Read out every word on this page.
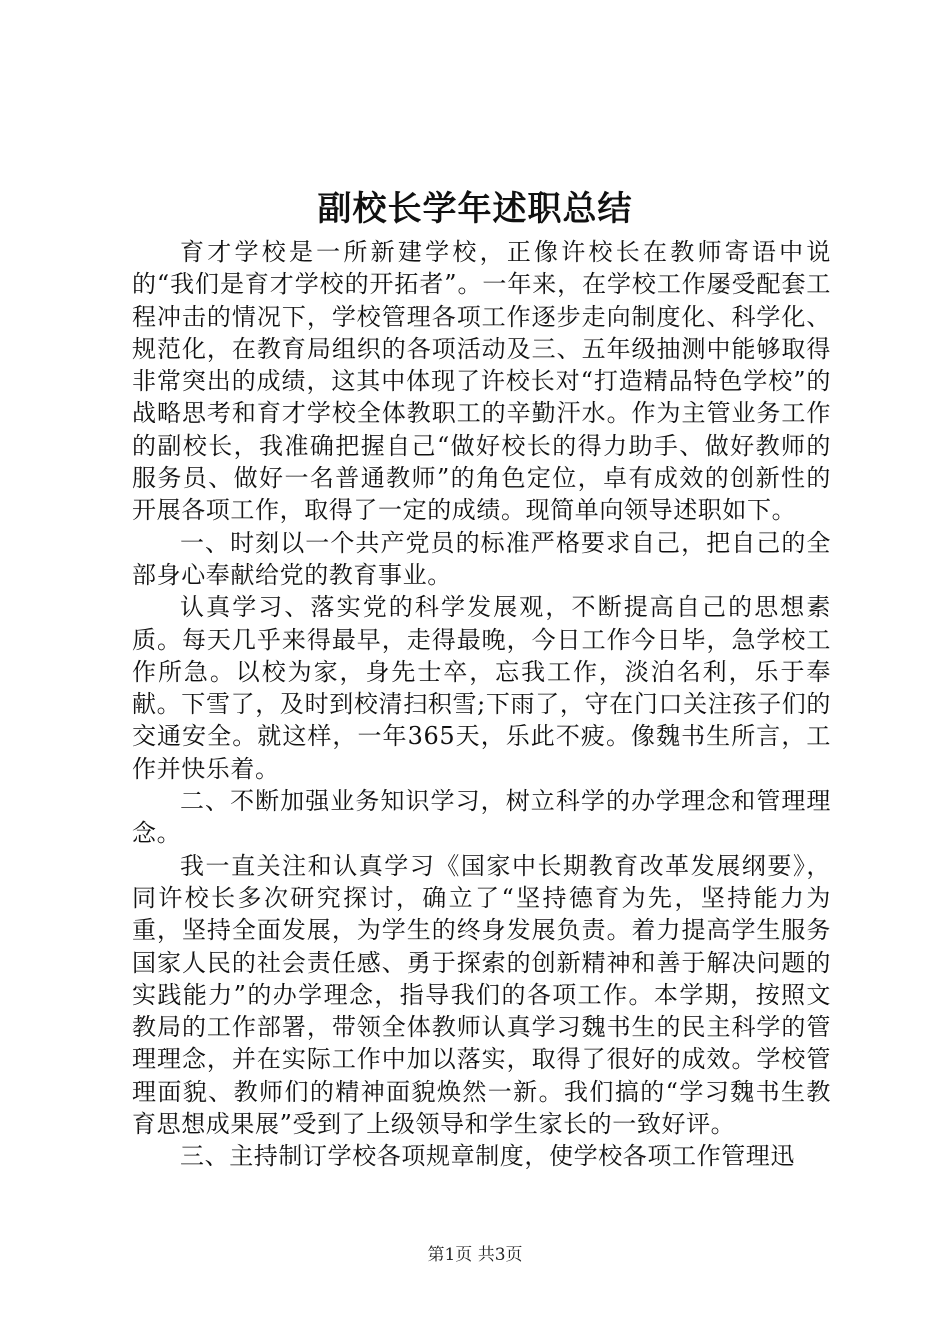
副校长学年述职总结

育才学校是一所新建学校，正像许校长在教师寄语中说的“我们是育才学校的开拓者”。一年来，在学校工作屡受配套工程冲击的情况下，学校管理各项工作逐步走向制度化、科学化、规范化，在教育局组织的各项活动及三、五年级抽测中能够取得非常突出的成绩，这其中体现了许校长对“打造精品特色学校”的战略思考和育才学校全体教职工的辛勤汗水。作为主管业务工作的副校长，我准确把握自己“做好校长的得力助手、做好教师的服务员、做好一名普通教师”的角色定位，卓有成效的创新性的开展各项工作，取得了一定的成绩。现简单向领导述职如下。

一、时刻以一个共产党员的标准严格要求自己，把自己的全部身心奉献给党的教育事业。

认真学习、落实党的科学发展观，不断提高自己的思想素质。每天几乎来得最早，走得最晚，今日工作今日毕，急学校工作所急。以校为家，身先士卒，忘我工作，淡泊名利，乐于奉献。下雪了，及时到校清扫积雪;下雨了，守在门口关注孩子们的交通安全。就这样，一年365天，乐此不疲。像魏书生所言，工作并快乐着。

二、不断加强业务知识学习，树立科学的办学理念和管理理念。

我一直关注和认真学习《国家中长期教育改革发展纲要》，同许校长多次研究探讨，确立了“坚持德育为先，坚持能力为重，坚持全面发展，为学生的终身发展负责。着力提高学生服务国家人民的社会责任感、勇于探索的创新精神和善于解决问题的实践能力”的办学理念，指导我们的各项工作。本学期，按照文教局的工作部署，带领全体教师认真学习魏书生的民主科学的管理理念，并在实际工作中加以落实，取得了很好的成效。学校管理面貌、教师们的精神面貌焕然一新。我们搞的“学习魏书生教育思想成果展”受到了上级领导和学生家长的一致好评。

三、主持制订学校各项规章制度，使学校各项工作管理迅

第1页 共3页
